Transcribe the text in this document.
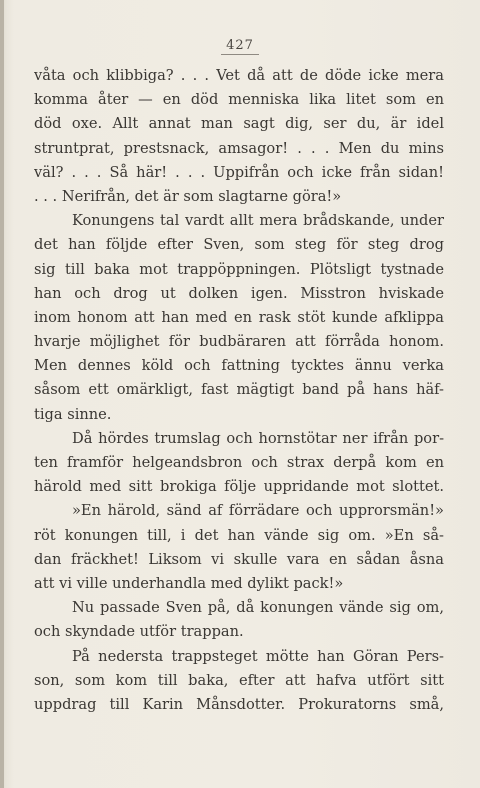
427
våta och klibbiga? . . . Vet då att de döde icke mera
komma åter — en död menniska lika litet som en
död oxe. Allt annat man sagt dig, ser du, är idel
struntprat, prestsnack, amsagor! . . . Men du mins
väl? . . . Så här! . . . Uppifrån och icke från sidan!
. . . Nerifrån, det är som slagtarne göra!»
Konungens tal vardt allt mera brådskande, under
det han följde efter Sven, som steg för steg drog
sig till baka mot trappöppningen. Plötsligt tystnade
han och drog ut dolken igen. Misstron hviskade
inom honom att han med en rask stöt kunde afklippa
hvarje möjlighet för budbäraren att förråda honom.
Men dennes köld och fattning tycktes ännu verka
såsom ett omärkligt, fast mägtigt band på hans häf-
tiga sinne.
Då hördes trumslag och hornstötar ner ifrån por-
ten framför helgeandsbron och strax derpå kom en
härold med sitt brokiga följe uppridande mot slottet.
»En härold, sänd af förrädare och upprorsmän!»
röt konungen till, i det han vände sig om. »En så-
dan fräckhet! Liksom vi skulle vara en sådan åsna
att vi ville underhandla med dylikt pack!»
Nu passade Sven på, då konungen vände sig om,
och skyndade utför trappan.
På nedersta trappsteget mötte han Göran Pers-
son, som kom till baka, efter att hafva utfört sitt
uppdrag till Karin Månsdotter. Prokuratorns små,
